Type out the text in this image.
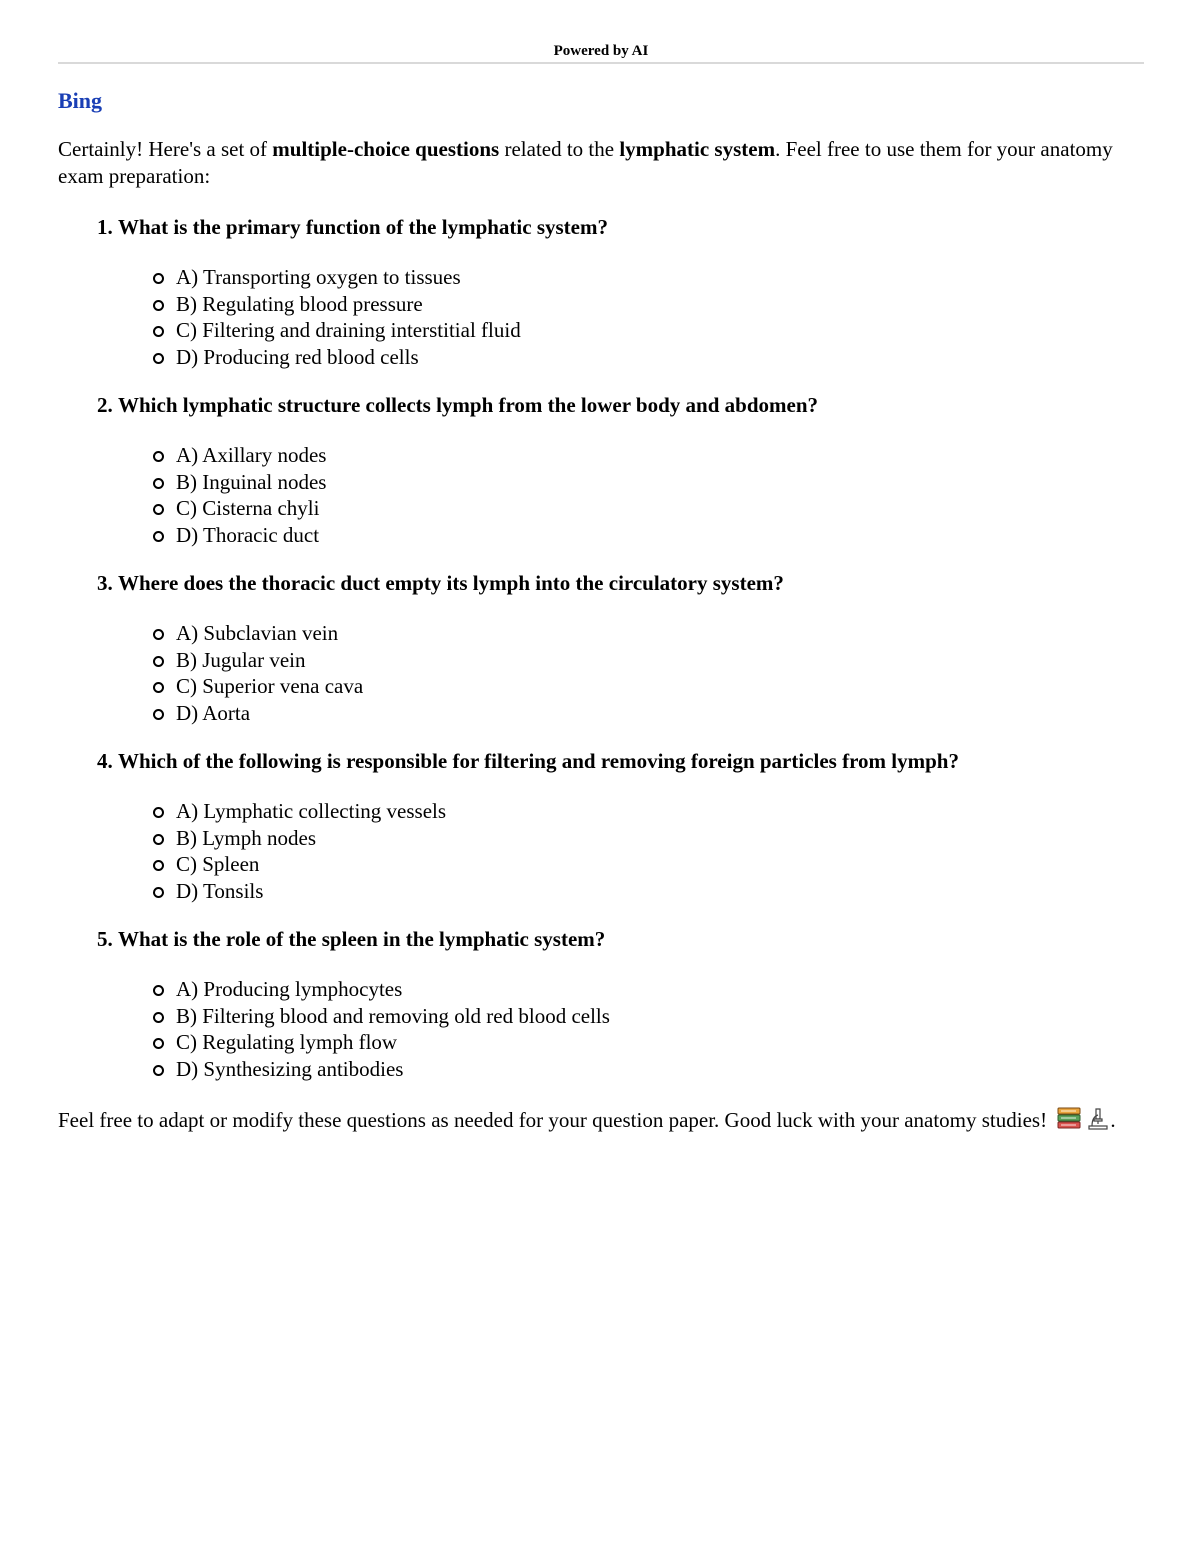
Powered by AI
Bing
Certainly! Here's a set of multiple-choice questions related to the lymphatic system. Feel free to use them for your anatomy exam preparation:
1. What is the primary function of the lymphatic system?
A) Transporting oxygen to tissues
B) Regulating blood pressure
C) Filtering and draining interstitial fluid
D) Producing red blood cells
2. Which lymphatic structure collects lymph from the lower body and abdomen?
A) Axillary nodes
B) Inguinal nodes
C) Cisterna chyli
D) Thoracic duct
3. Where does the thoracic duct empty its lymph into the circulatory system?
A) Subclavian vein
B) Jugular vein
C) Superior vena cava
D) Aorta
4. Which of the following is responsible for filtering and removing foreign particles from lymph?
A) Lymphatic collecting vessels
B) Lymph nodes
C) Spleen
D) Tonsils
5. What is the role of the spleen in the lymphatic system?
A) Producing lymphocytes
B) Filtering blood and removing old red blood cells
C) Regulating lymph flow
D) Synthesizing antibodies
Feel free to adapt or modify these questions as needed for your question paper. Good luck with your anatomy studies!	.
